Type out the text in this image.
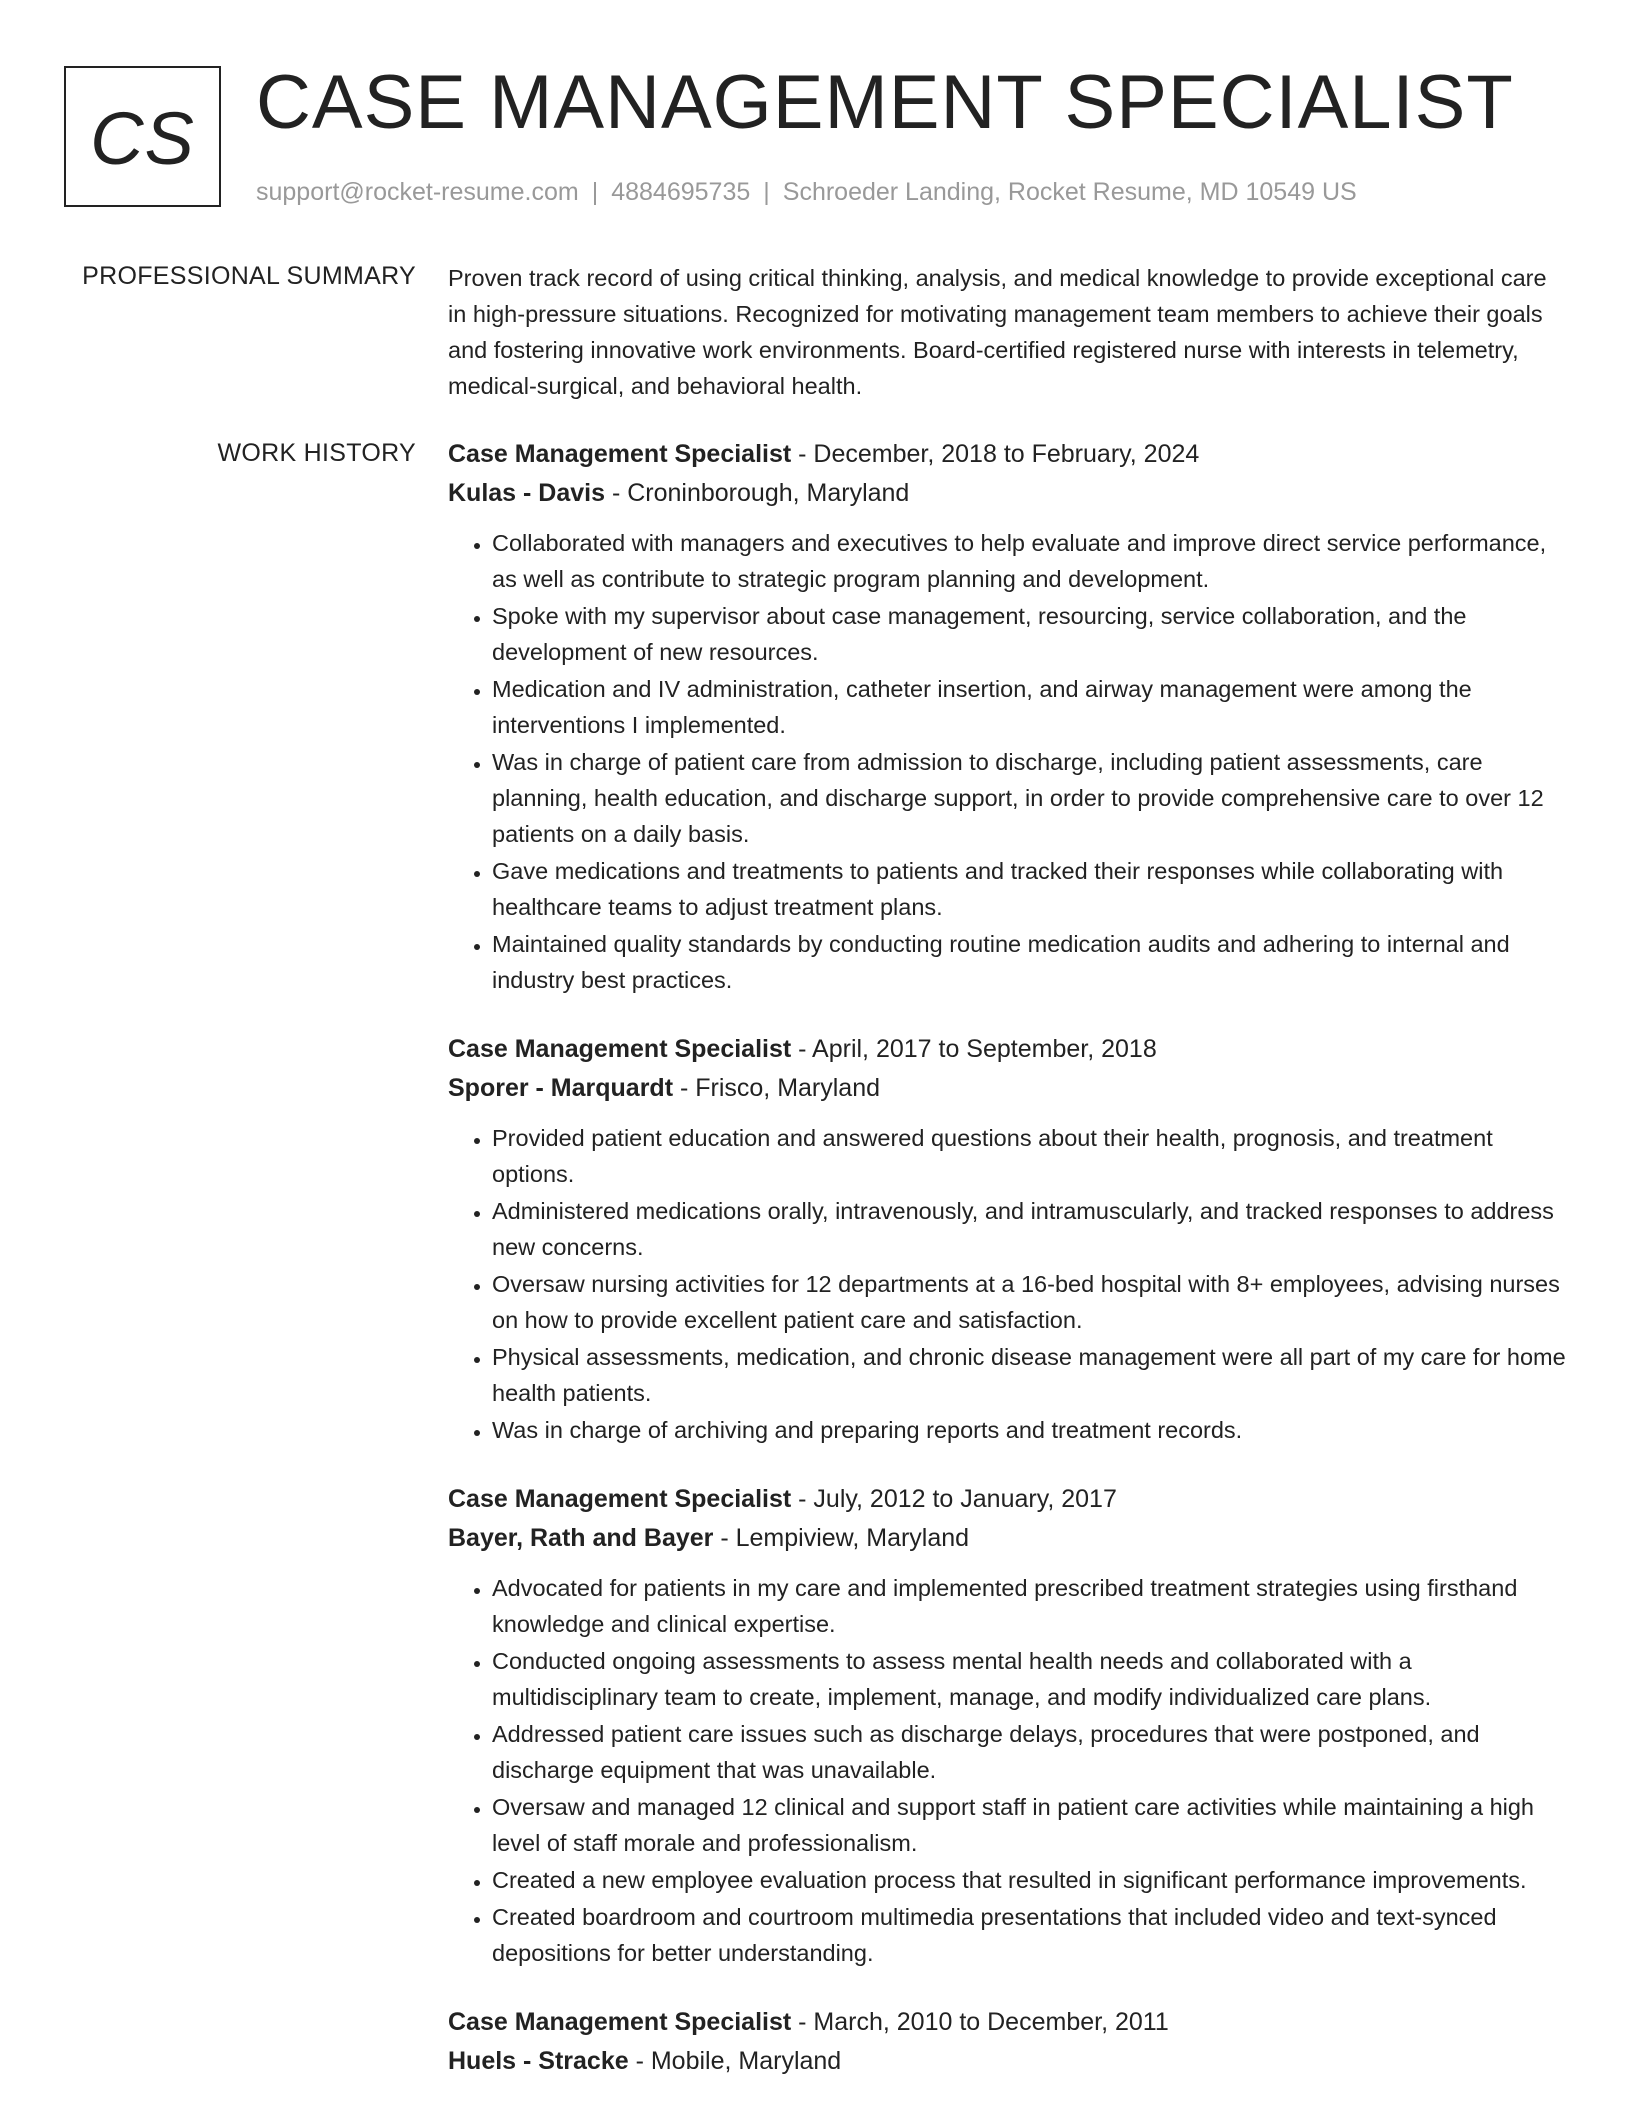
CS CASE MANAGEMENT SPECIALIST
support@rocket-resume.com | 4884695735 | Schroeder Landing, Rocket Resume, MD 10549 US
PROFESSIONAL SUMMARY Proven track record of using critical thinking, analysis, and medical knowledge to provide exceptional care in high-pressure situations. Recognized for motivating management team members to achieve their goals and fostering innovative work environments. Board-certified registered nurse with interests in telemetry, medical-surgical, and behavioral health.

WORK HISTORY Case Management Specialist - December, 2018 to February, 2024
Kulas - Davis - Croninborough, Maryland
• Collaborated with managers and executives to help evaluate and improve direct service performance, as well as contribute to strategic program planning and development.
• Spoke with my supervisor about case management, resourcing, service collaboration, and the development of new resources.
• Medication and IV administration, catheter insertion, and airway management were among the interventions I implemented.
• Was in charge of patient care from admission to discharge, including patient assessments, care planning, health education, and discharge support, in order to provide comprehensive care to over 12 patients on a daily basis.
• Gave medications and treatments to patients and tracked their responses while collaborating with healthcare teams to adjust treatment plans.
• Maintained quality standards by conducting routine medication audits and adhering to internal and industry best practices.
Case Management Specialist - April, 2017 to September, 2018
Sporer - Marquardt - Frisco, Maryland
• Provided patient education and answered questions about their health, prognosis, and treatment options.
• Administered medications orally, intravenously, and intramuscularly, and tracked responses to address new concerns.
• Oversaw nursing activities for 12 departments at a 16-bed hospital with 8+ employees, advising nurses on how to provide excellent patient care and satisfaction.
• Physical assessments, medication, and chronic disease management were all part of my care for home health patients.
• Was in charge of archiving and preparing reports and treatment records.
Case Management Specialist - July, 2012 to January, 2017
Bayer, Rath and Bayer - Lempiview, Maryland
• Advocated for patients in my care and implemented prescribed treatment strategies using firsthand knowledge and clinical expertise.
• Conducted ongoing assessments to assess mental health needs and collaborated with a multidisciplinary team to create, implement, manage, and modify individualized care plans.
• Addressed patient care issues such as discharge delays, procedures that were postponed, and discharge equipment that was unavailable.
• Oversaw and managed 12 clinical and support staff in patient care activities while maintaining a high level of staff morale and professionalism.
• Created a new employee evaluation process that resulted in significant performance improvements.
• Created boardroom and courtroom multimedia presentations that included video and text-synced depositions for better understanding.
Case Management Specialist - March, 2010 to December, 2011
Huels - Stracke - Mobile, Maryland
